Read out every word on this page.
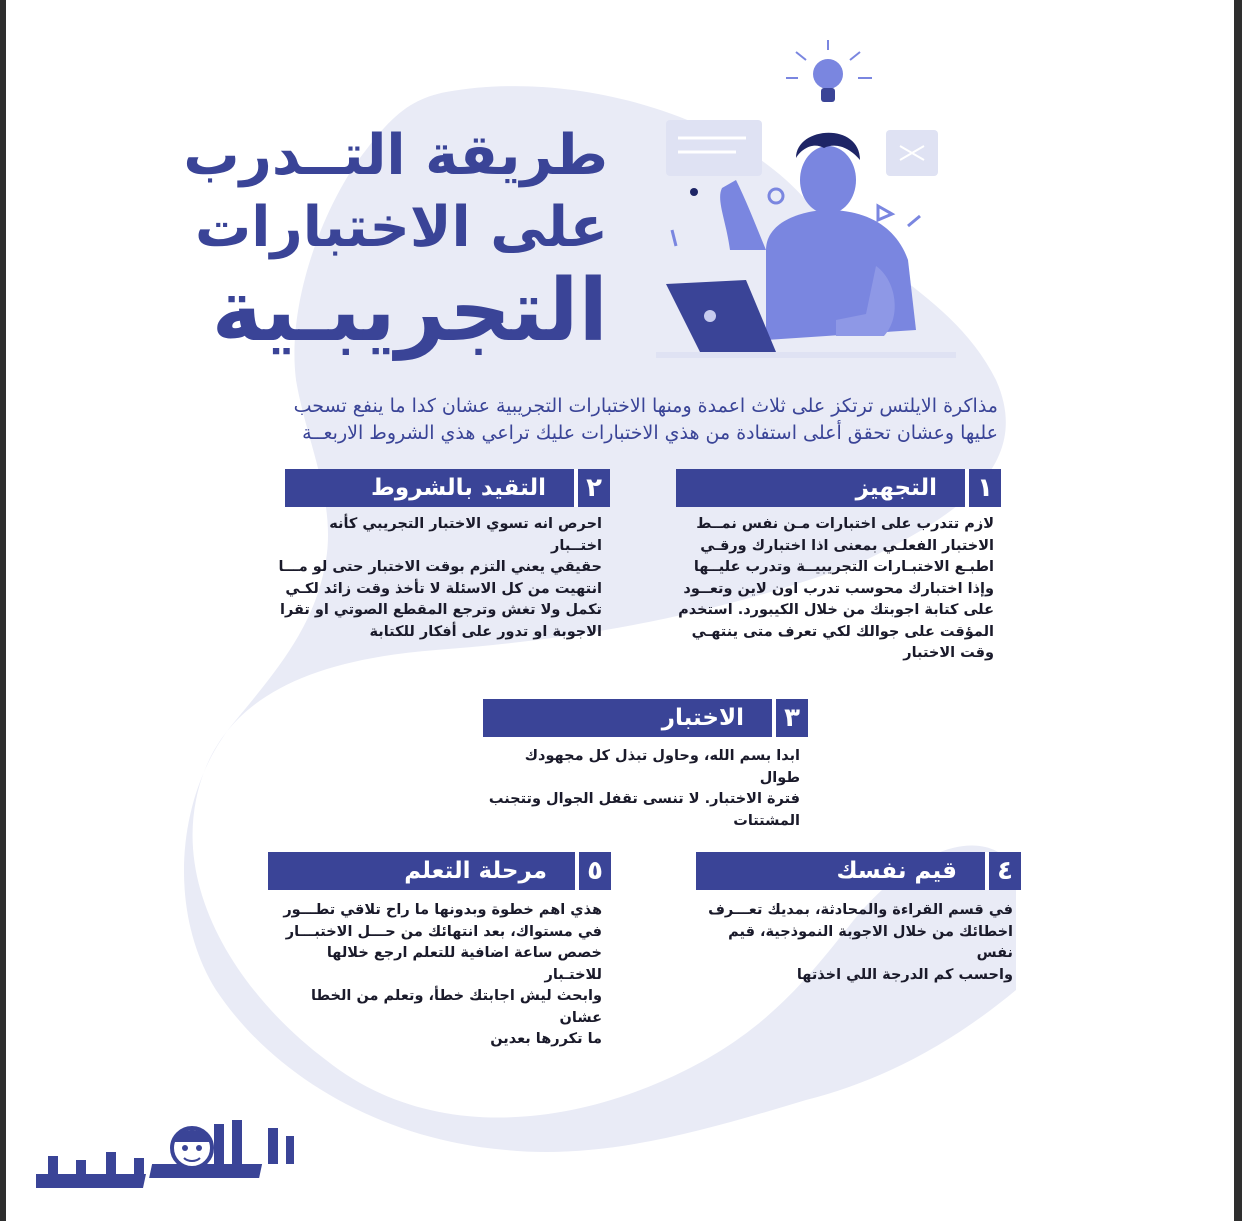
طريقة التــدرب
على الاختبارات
التجريبـية
مذاكرة الايلتس ترتكز على ثلاث اعمدة ومنها الاختبارات التجريبية عشان كدا ما ينفع تسحب
عليها وعشان تحقق أعلى استفادة من هذي الاختبارات عليك تراعي هذي الشروط الاربعــة
١
التجهيز
لازم تتدرب على اختبارات مـن نفس نمــط
الاختبار الفعلـي بمعنى اذا اختبارك ورقـي
اطبـع الاختبـارات التجريبيــة وتدرب عليــها
وإذا اختبارك محوسب تدرب اون لاين وتعــود
على كتابة اجوبتك من خلال الكيبورد. استخدم
المؤقت على جوالك لكي تعرف متى ينتهـي
وقت الاختبار
٢
التقيد بالشروط
احرص انه تسوي الاختبار التجريبي كأنه اختــبار
حقيقي يعني التزم بوقت الاختبار حتى لو مـــا
انتهيت من كل الاسئلة لا تأخذ وقت زائد لكـي
تكمل ولا تغش وترجع المقطع الصوتي او تقرا
الاجوبة او تدور على أفكار للكتابة
٣
الاختبار
ابدا بسم الله، وحاول تبذل كل مجهودك طوال
فترة الاختبار. لا تنسى تقفل الجوال وتتجنب
المشتتات
٤
قيم نفسك
في قسم القراءة والمحادثة، بمديك تعـــرف
اخطائك من خلال الاجوبة النموذجية، قيم نفس
واحسب كم الدرجة اللي اخذتها
٥
مرحلة التعلم
هذي اهم خطوة وبدونها ما راح تلاقي تطـــور
في مستواك، بعد انتهائك من حـــل الاختبـــار
خصص ساعة اضافية للتعلم ارجع خلالها للاختـبار
وابحث ليش اجابتك خطأ، وتعلم من الخطا عشان
ما تكررها بعدين
